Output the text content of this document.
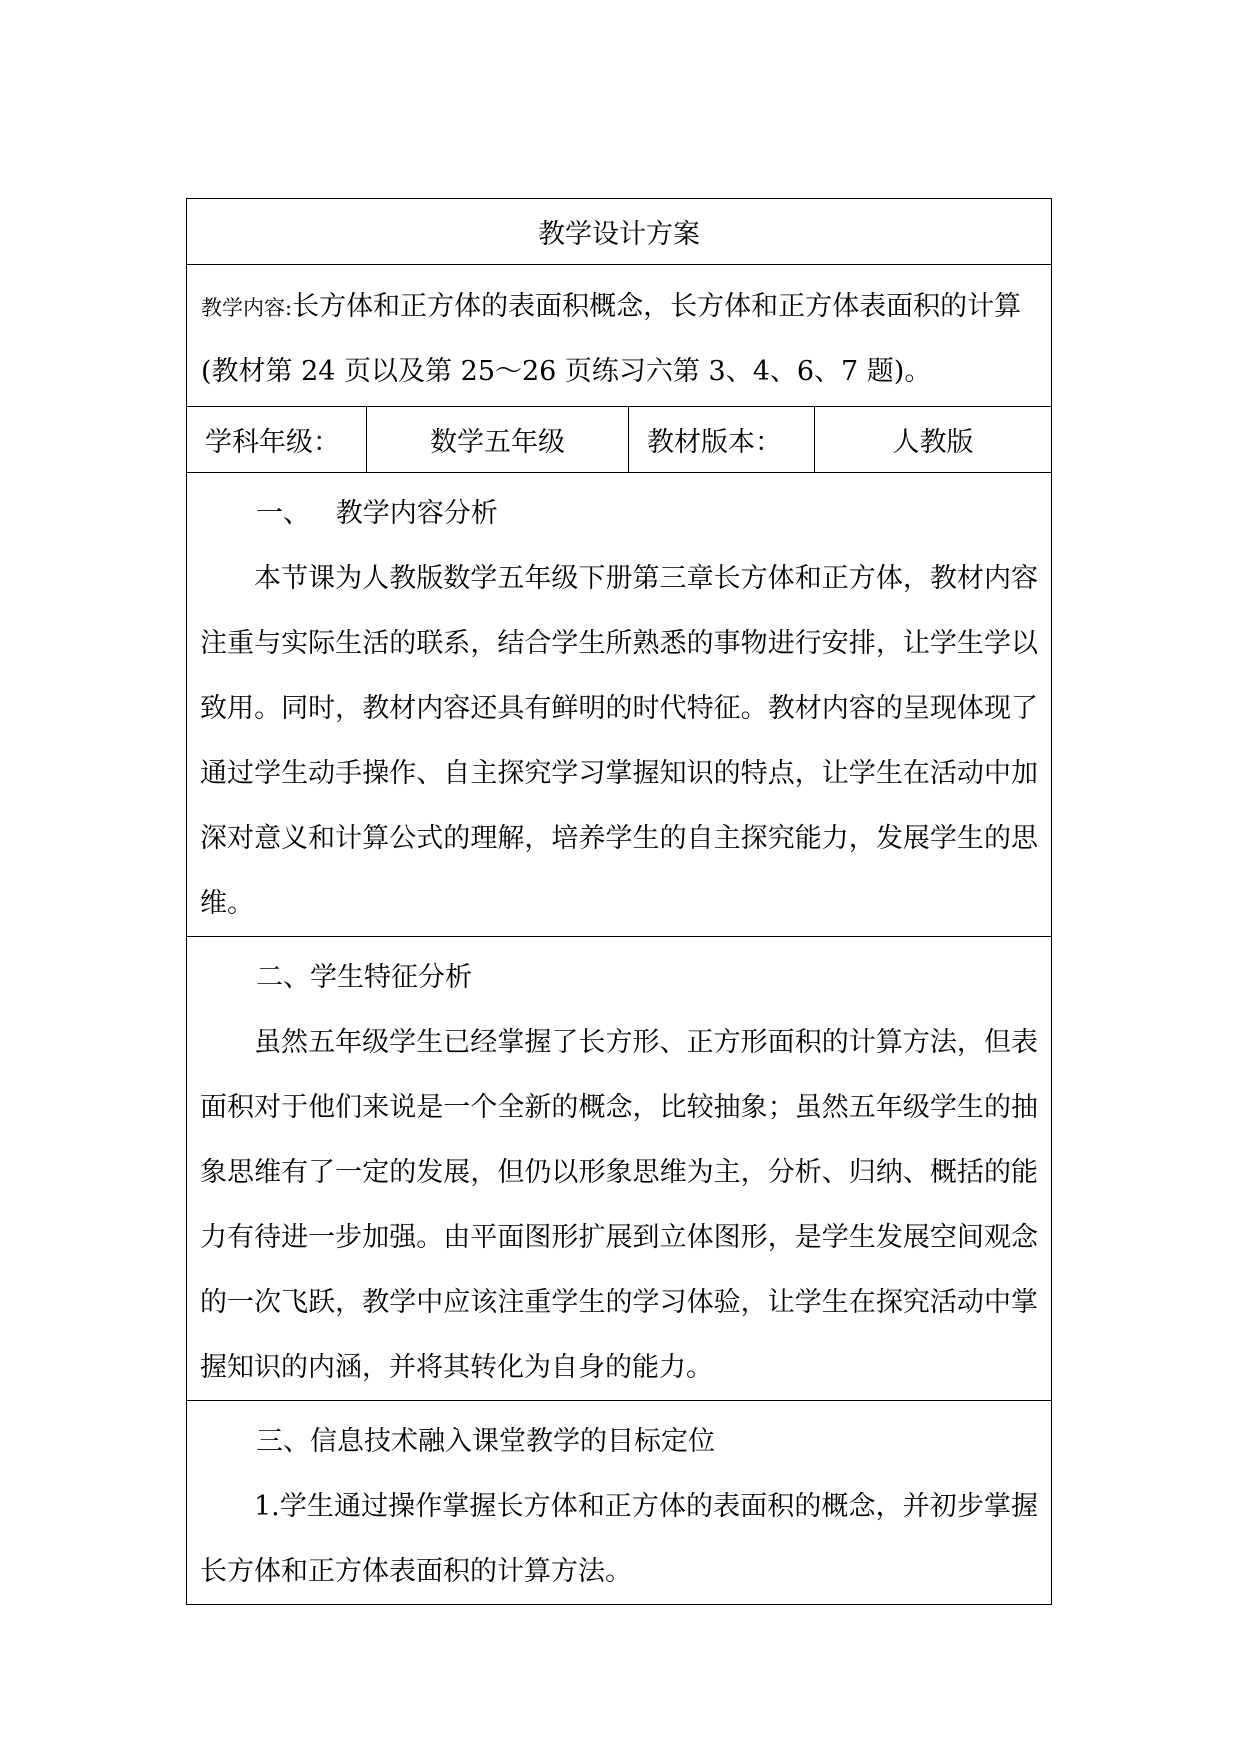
教学设计方案
教学内容:长方体和正方体的表面积概念，长方体和正方体表面积的计算(教材第 24 页以及第 25～26 页练习六第 3、4、6、7 题)。
学科年级：	数学五年级	教材版本：	人教版

一、   教学内容分析

本节课为人教版数学五年级下册第三章长方体和正方体，教材内容注重与实际生活的联系，结合学生所熟悉的事物进行安排，让学生学以致用。同时，教材内容还具有鲜明的时代特征。教材内容的呈现体现了通过学生动手操作、自主探究学习掌握知识的特点，让学生在活动中加深对意义和计算公式的理解，培养学生的自主探究能力，发展学生的思维。

二、学生特征分析

虽然五年级学生已经掌握了长方形、正方形面积的计算方法，但表面积对于他们来说是一个全新的概念，比较抽象；虽然五年级学生的抽象思维有了一定的发展，但仍以形象思维为主，分析、归纳、概括的能力有待进一步加强。由平面图形扩展到立体图形，是学生发展空间观念的一次飞跃，教学中应该注重学生的学习体验，让学生在探究活动中掌握知识的内涵，并将其转化为自身的能力。

三、信息技术融入课堂教学的目标定位

1.学生通过操作掌握长方体和正方体的表面积的概念，并初步掌握长方体和正方体表面积的计算方法。
